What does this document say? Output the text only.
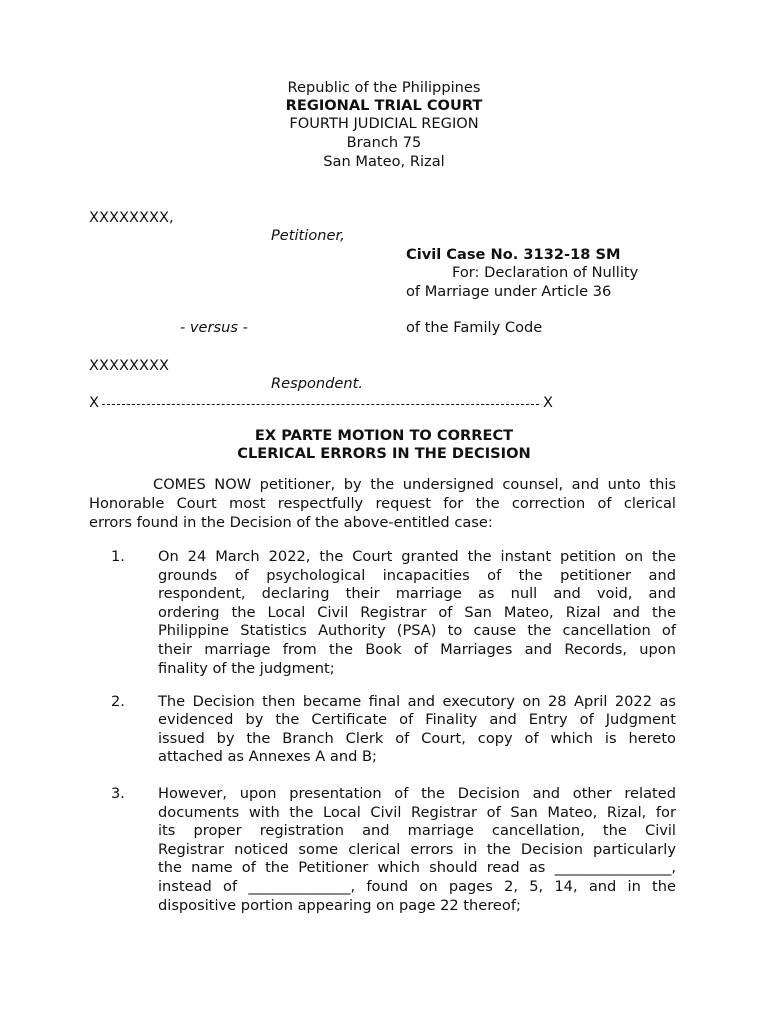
Republic of the Philippines
REGIONAL TRIAL COURT
FOURTH JUDICIAL REGION
Branch 75
San Mateo, Rizal
XXXXXXXX,
Petitioner,
Civil Case No. 3132-18 SM
For: Declaration of Nullity
of Marriage under Article 36
- versus -	of the Family Code
XXXXXXXX
Respondent.
X	X
EX PARTE MOTION TO CORRECT
CLERICAL ERRORS IN THE DECISION
COMES NOW petitioner, by the undersigned counsel, and unto this
Honorable Court most respectfully request for the correction of clerical
errors found in the Decision of the above-entitled case:
1. On 24 March 2022, the Court granted the instant petition on the
grounds of psychological incapacities of the petitioner and
respondent, declaring their marriage as null and void, and
ordering the Local Civil Registrar of San Mateo, Rizal and the
Philippine Statistics Authority (PSA) to cause the cancellation of
their marriage from the Book of Marriages and Records, upon
finality of the judgment;
2. The Decision then became final and executory on 28 April 2022 as
evidenced by the Certificate of Finality and Entry of Judgment
issued by the Branch Clerk of Court, copy of which is hereto
attached as Annexes A and B;
3. However, upon presentation of the Decision and other related
documents with the Local Civil Registrar of San Mateo, Rizal, for
its proper registration and marriage cancellation, the Civil
Registrar noticed some clerical errors in the Decision particularly
the name of the Petitioner which should read as ________________,
instead of ______________, found on pages 2, 5, 14, and in the
dispositive portion appearing on page 22 thereof;
